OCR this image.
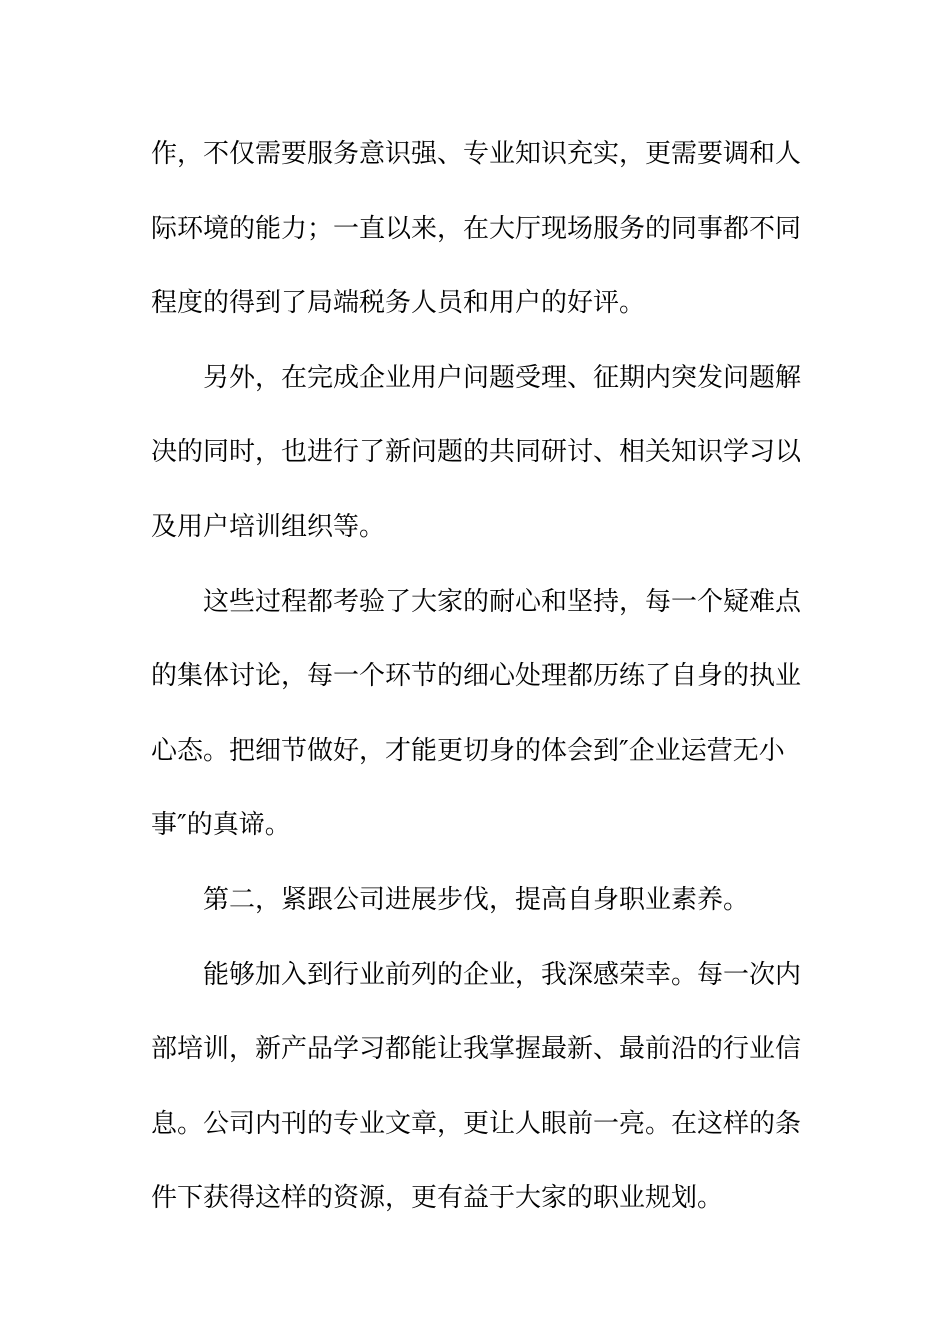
作，不仅需要服务意识强、专业知识充实，更需要调和人
际环境的能力；一直以来，在大厅现场服务的同事都不同
程度的得到了局端税务人员和用户的好评。
另外，在完成企业用户问题受理、征期内突发问题解
决的同时，也进行了新问题的共同研讨、相关知识学习以
及用户培训组织等。
这些过程都考验了大家的耐心和坚持，每一个疑难点
的集体讨论，每一个环节的细心处理都历练了自身的执业
心态。把细节做好，才能更切身的体会到″企业运营无小
事″的真谛。
第二，紧跟公司进展步伐，提高自身职业素养。
能够加入到行业前列的企业，我深感荣幸。每一次内
部培训，新产品学习都能让我掌握最新、最前沿的行业信
息。公司内刊的专业文章，更让人眼前一亮。在这样的条
件下获得这样的资源，更有益于大家的职业规划。
